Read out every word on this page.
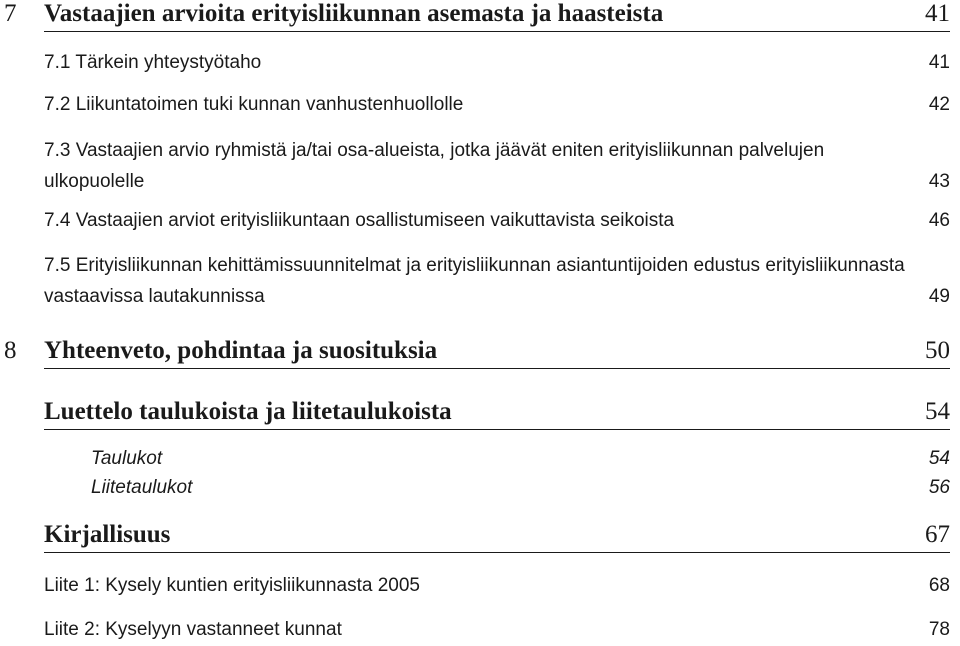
7 Vastaajien arvioita erityisliikunnan asemasta ja haasteista	41
7.1 Tärkein yhteystyötaho	41
7.2 Liikuntatoimen tuki kunnan vanhustenhuollolle	42
7.3 Vastaajien arvio ryhmistä ja/tai osa-alueista, jotka jäävät eniten erityisliikunnan palvelujen ulkopuolelle	43
7.4 Vastaajien arviot erityisliikuntaan osallistumiseen vaikuttavista seikoista	46
7.5 Erityisliikunnan kehittämissuunnitelmat ja erityisliikunnan asiantuntijoiden edustus erityisliikunnasta vastaavissa lautakunnissa	49
8 Yhteenveto, pohdintaa ja suosituksia	50
Luettelo taulukoista ja liitetaulukoista	54
Taulukot	54
Liitetaulukot	56
Kirjallisuus	67
Liite 1: Kysely kuntien erityisliikunnasta 2005	68
Liite 2: Kyselyyn vastanneet kunnat	78
